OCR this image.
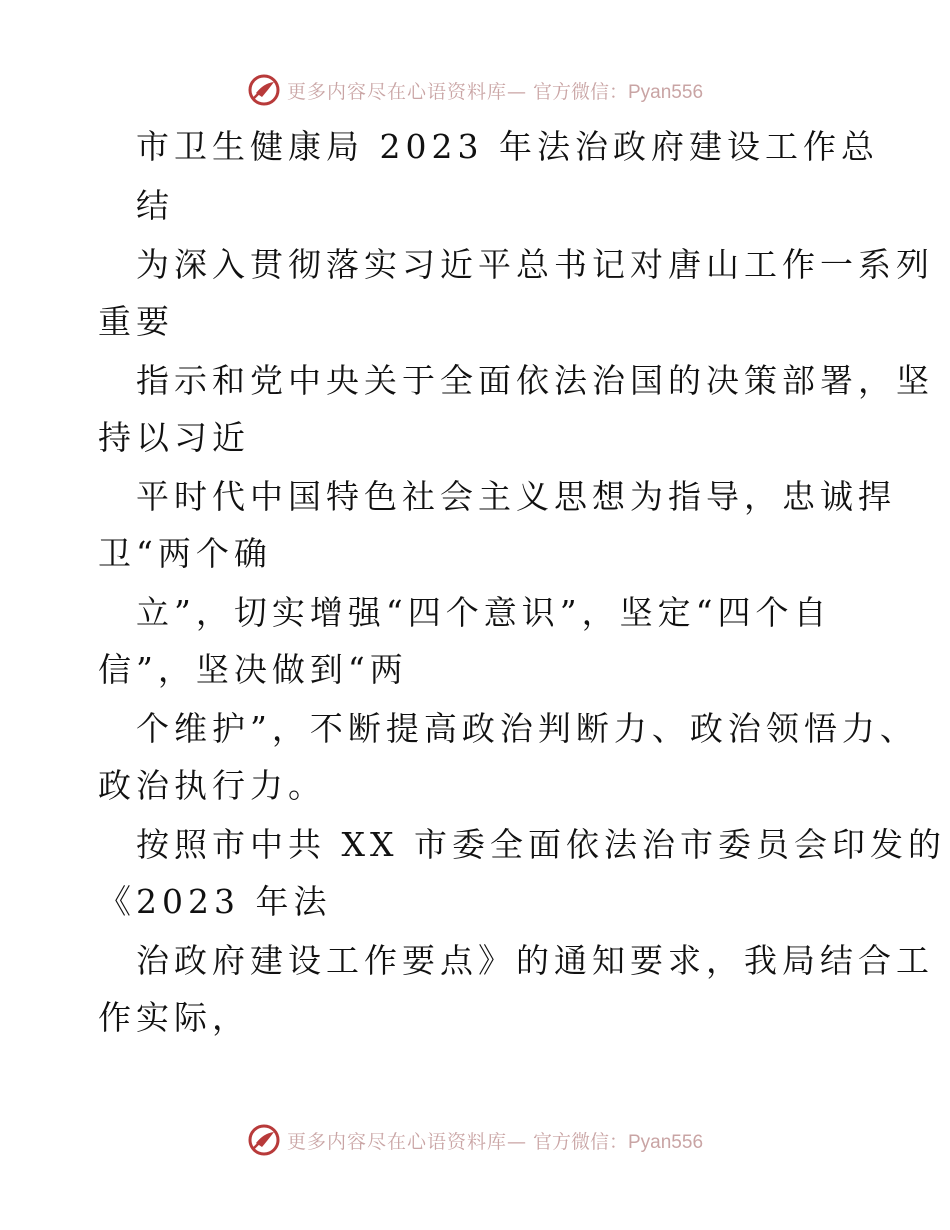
更多内容尽在心语资料库— 官方微信：Pyan556
市卫生健康局 2023 年法治政府建设工作总
结
为深入贯彻落实习近平总书记对唐山工作一系列
重要
指示和党中央关于全面依法治国的决策部署，坚
持以习近
平时代中国特色社会主义思想为指导，忠诚捍
卫“两个确
立”，切实增强“四个意识”，坚定“四个自
信”，坚决做到“两
个维护”，不断提高政治判断力、政治领悟力、
政治执行力。
按照市中共 XX 市委全面依法治市委员会印发的
《2023 年法
治政府建设工作要点》的通知要求，我局结合工
作实际，
更多内容尽在心语资料库— 官方微信：Pyan556
